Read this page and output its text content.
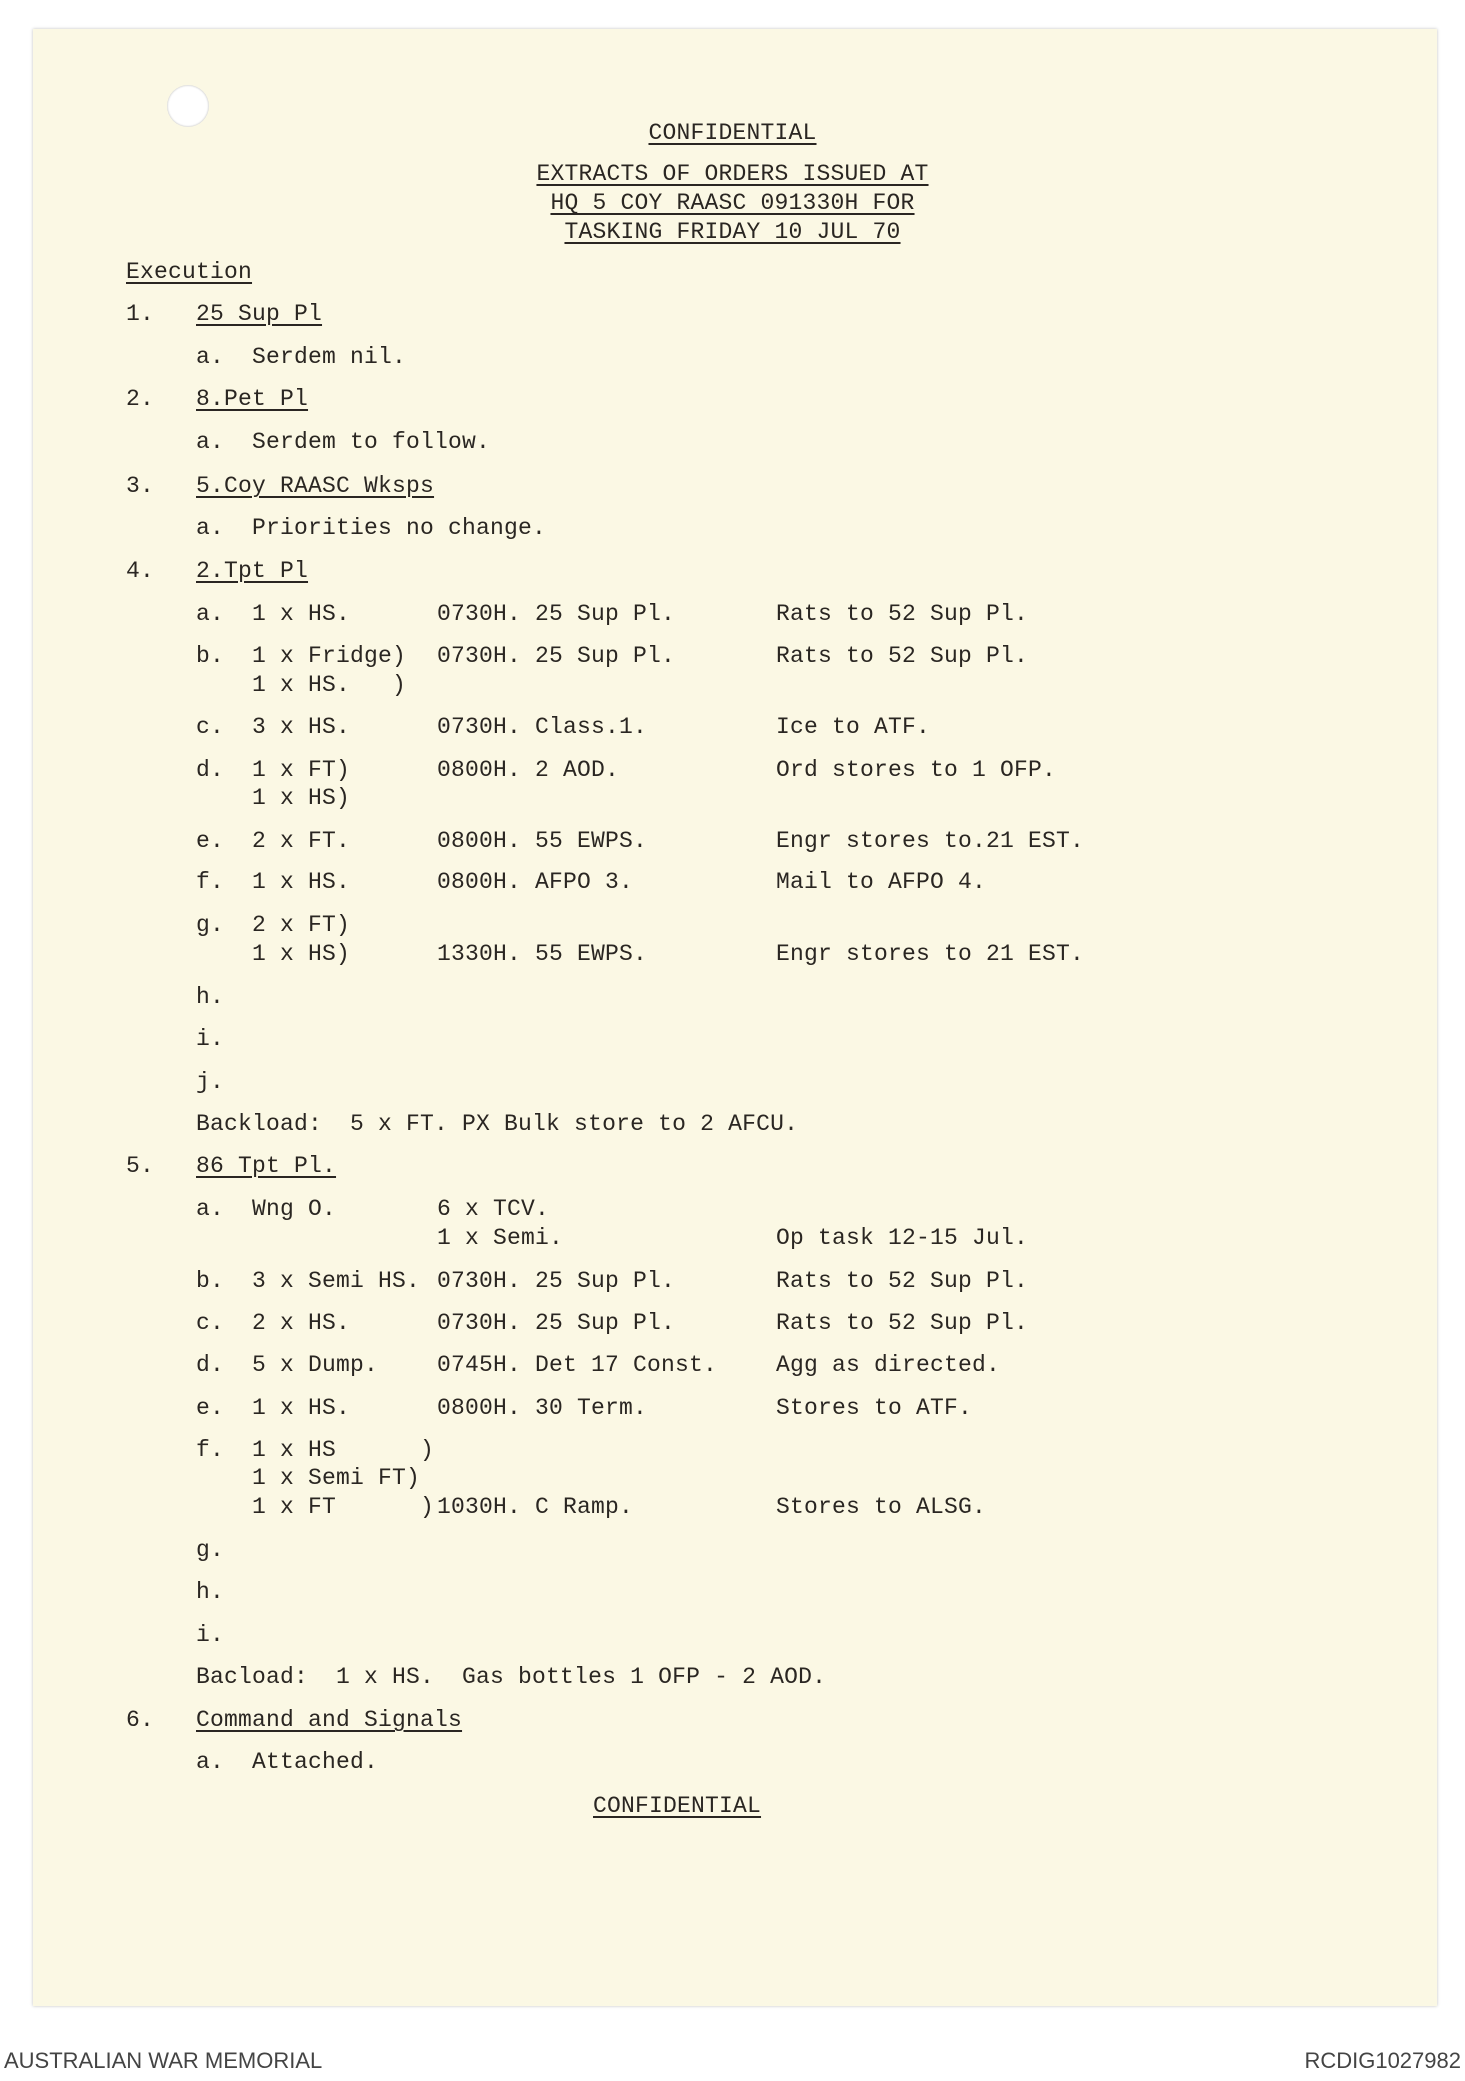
CONFIDENTIAL
EXTRACTS OF ORDERS ISSUED AT
HQ 5 COY RAASC 091330H FOR
TASKING FRIDAY 10 JUL 70
Execution
1. 25 Sup Pl
a. Serdem nil.
2. 8.Pet Pl
a. Serdem to follow.
3. 5.Coy RAASC Wksps
a. Priorities no change.
4. 2.Tpt Pl
a. 1 x HS.	0730H. 25 Sup Pl.	Rats to 52 Sup Pl.
b. 1 x Fridge) 0730H. 25 Sup Pl.	Rats to 52 Sup Pl.
1 x HS.   )
c. 3 x HS.	0730H. Class.1.	Ice to ATF.
d. 1 x FT)	0800H. 2 AOD.	Ord stores to 1 OFP.
1 x HS)
e. 2 x FT.	0800H. 55 EWPS.	Engr stores to.21 EST.
f. 1 x HS.	0800H. AFPO 3.	Mail to AFPO 4.
g. 2 x FT)
1 x HS)	1330H. 55 EWPS.	Engr stores to 21 EST.
h.
i.
j.
Backload:  5 x FT. PX Bulk store to 2 AFCU.
5. 86 Tpt Pl.
a. Wng O.	6 x TCV.
1 x Semi.	Op task 12-15 Jul.
b. 3 x Semi HS. 0730H. 25 Sup Pl.	Rats to 52 Sup Pl.
c. 2 x HS.	0730H. 25 Sup Pl.	Rats to 52 Sup Pl.
d. 5 x Dump.	0745H. Det 17 Const.	Agg as directed.
e. 1 x HS.	0800H. 30 Term.	Stores to ATF.
f. 1 x HS      )
1 x Semi FT)
1 x FT      ) 1030H. C Ramp.	Stores to ALSG.
g.
h.
i.
Bacload:  1 x HS.  Gas bottles 1 OFP - 2 AOD.
6. Command and Signals
a. Attached.
CONFIDENTIAL
AUSTRALIAN WAR MEMORIAL	RCDIG1027982
